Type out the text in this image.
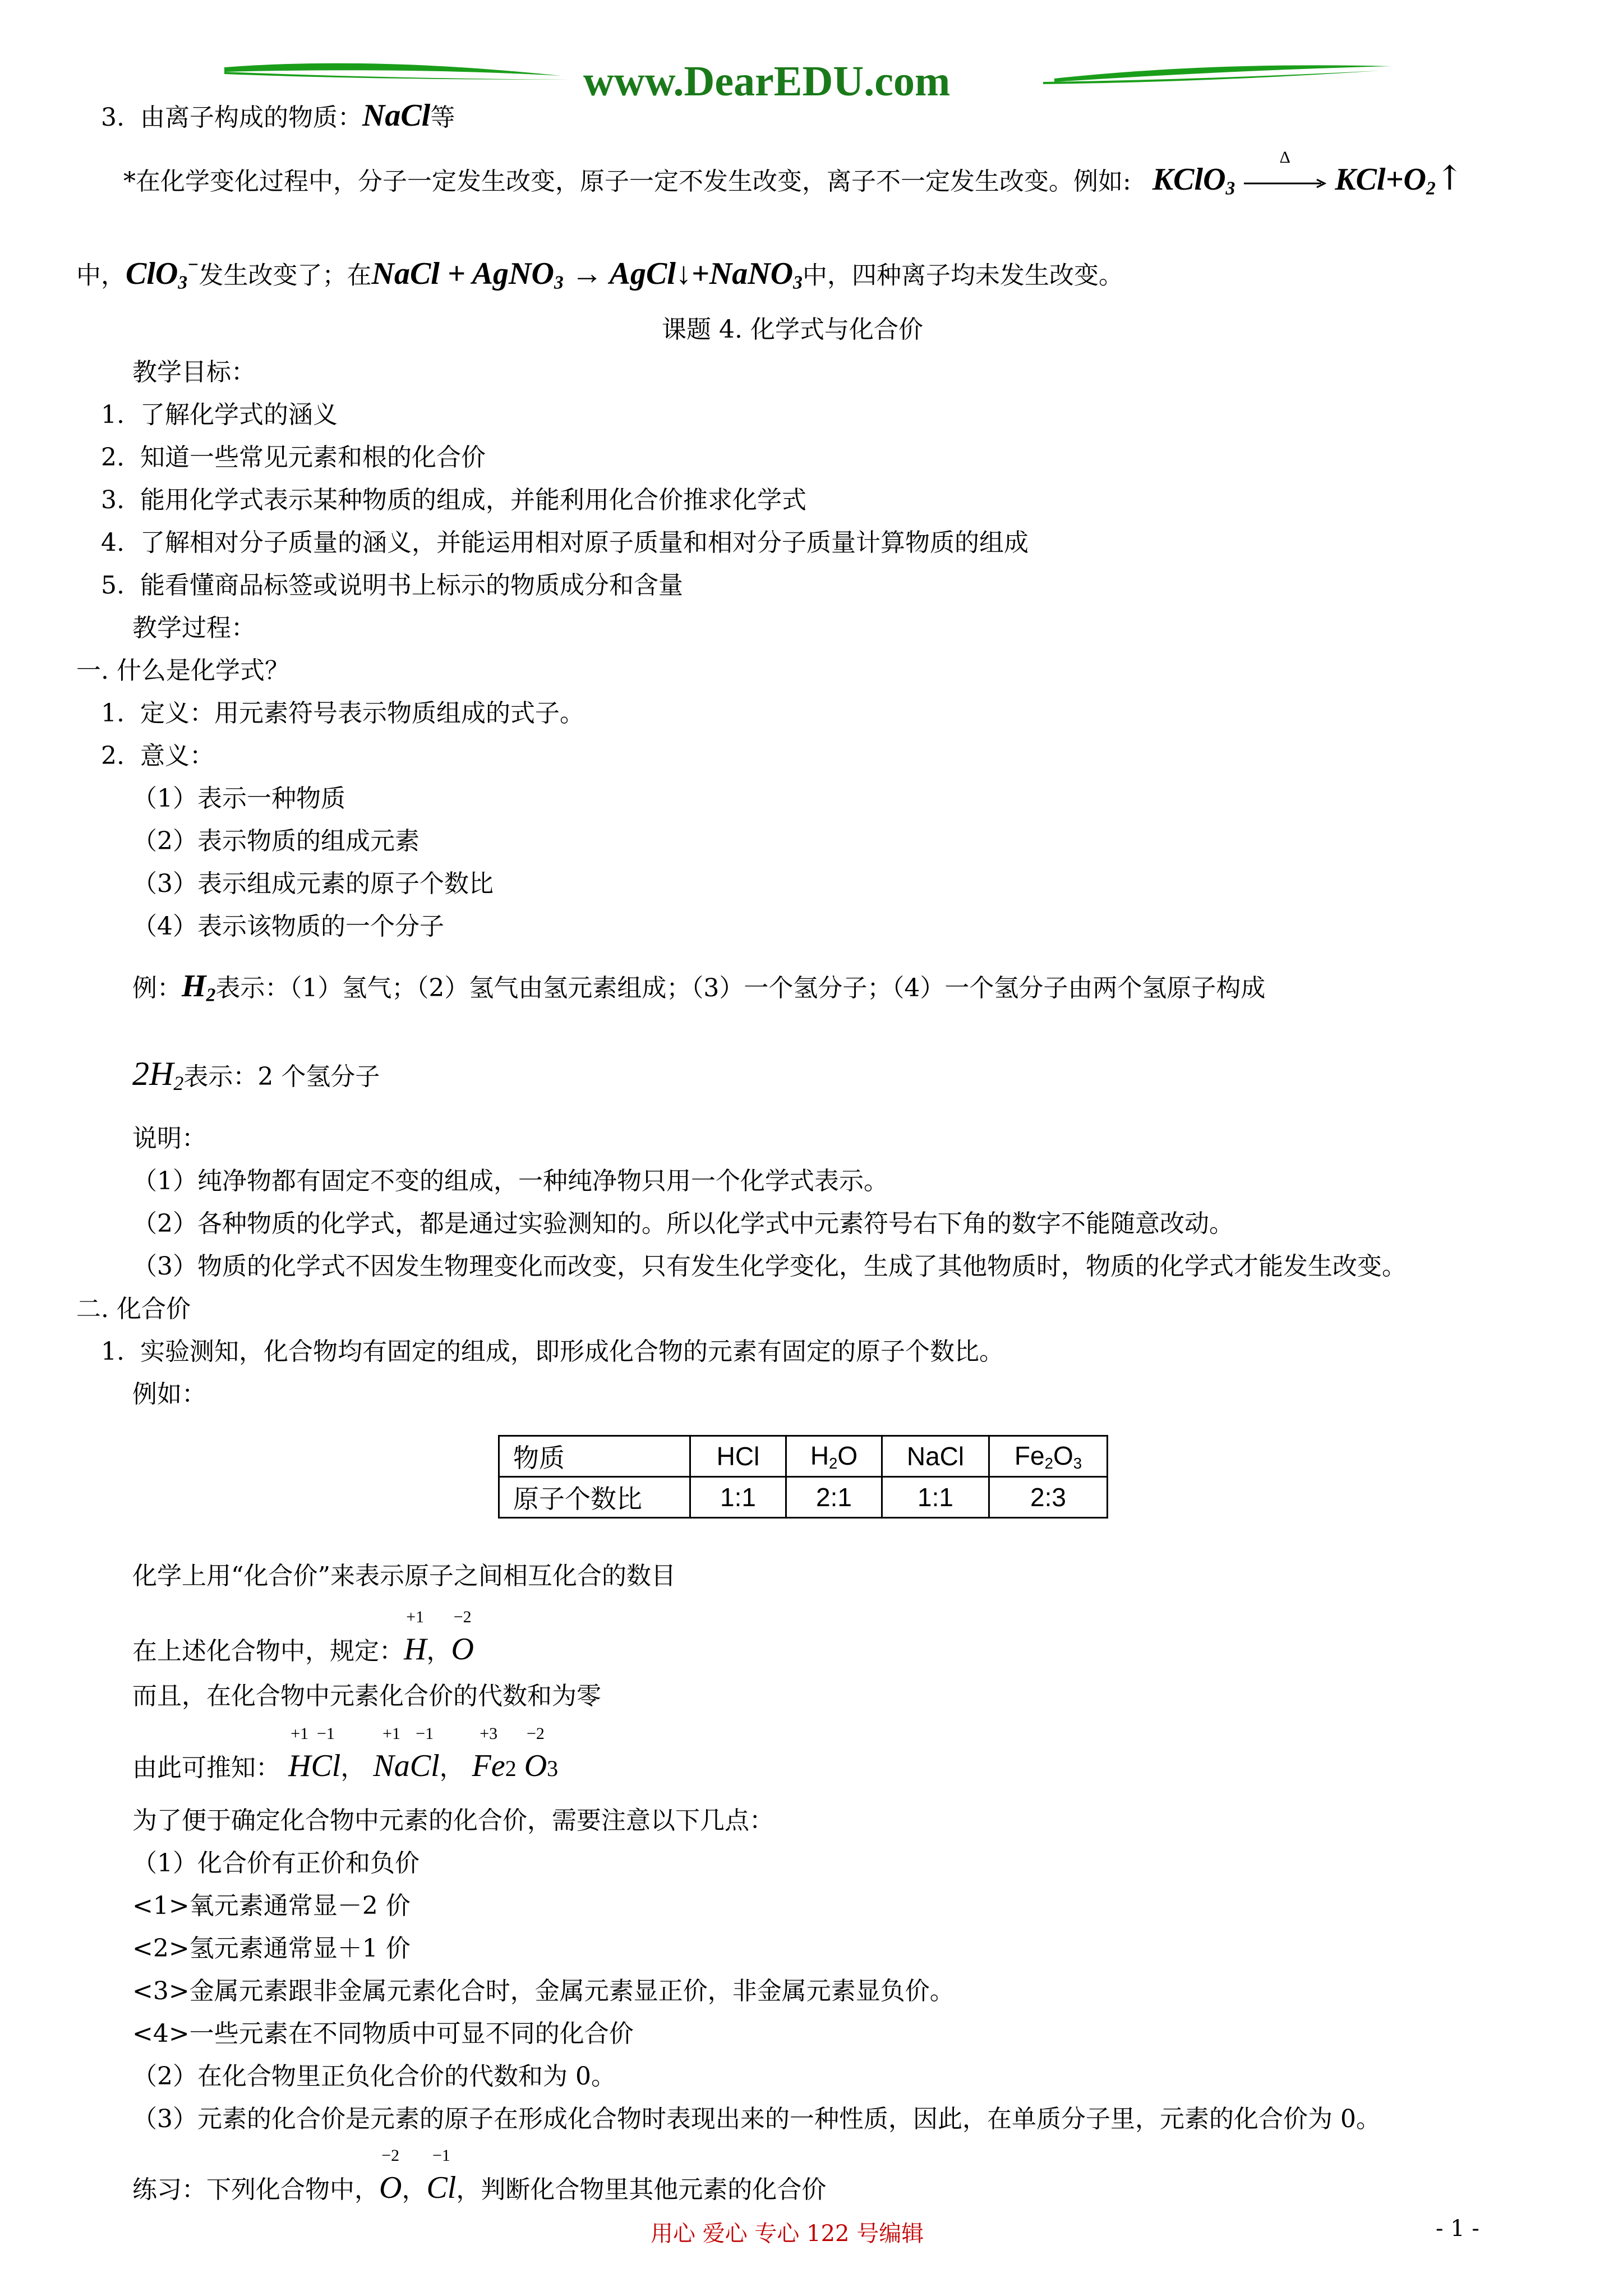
www.DearEDU.com
3. 由离子构成的物质：NaCl等
*在化学变化过程中，分子一定发生改变，原子一定不发生改变，离子不一定发生改变。例如: KClO$_3$
Δ
$KCl+O_2↑$
中，ClO$_3$−发生改变了；在NaCl + AgNO$_3$ → AgCl↓+NaNO$_3$中，四种离子均未发生改变。
课题 4. 化学式与化合价
教学目标：
1. 了解化学式的涵义
2. 知道一些常见元素和根的化合价
3. 能用化学式表示某种物质的组成，并能利用化合价推求化学式
4. 了解相对分子质量的涵义，并能运用相对原子质量和相对分子质量计算物质的组成
5. 能看懂商品标签或说明书上标示的物质成分和含量
教学过程：
一. 什么是化学式？
1. 定义：用元素符号表示物质组成的式子。
2. 意义：
（1）表示一种物质
（2）表示物质的组成元素
（3）表示组成元素的原子个数比
（4）表示该物质的一个分子
例：$H_2$表示：（1）氢气；（2）氢气由氢元素组成；（3）一个氢分子；（4）一个氢分子由两个氢原子构成
$2H_2$表示：2 个氢分子
说明：
（1）纯净物都有固定不变的组成，一种纯净物只用一个化学式表示。
（2）各种物质的化学式，都是通过实验测知的。所以化学式中元素符号右下角的数字不能随意改动。
（3）物质的化学式不因发生物理变化而改变，只有发生化学变化，生成了其他物质时，物质的化学式才能发生改变。
二. 化合价
1. 实验测知，化合物均有固定的组成，即形成化合物的元素有固定的原子个数比。
例如：
物质	HCl	$H_2O$	NaCl	$Fe_2O_3$
原子个数比	1:1	2:1	1:1	2:3
化学上用“化合价”来表示原子之间相互化合的数目
在上述化合物中，规定：
+1
H，
−2
O
而且，在化合物中元素化合价的代数和为零
由此可推知：
+1
H
−1
Cl，
+1
Na
−1
Cl，
+3
Fe2
−2
O3
为了便于确定化合物中元素的化合价，需要注意以下几点：
（1）化合价有正价和负价
<1>氧元素通常显－2 价
<2>氢元素通常显＋1 价
<3>金属元素跟非金属元素化合时，金属元素显正价，非金属元素显负价。
<4>一些元素在不同物质中可显不同的化合价
（2）在化合物里正负化合价的代数和为 0。
（3）元素的化合价是元素的原子在形成化合物时表现出来的一种性质，因此，在单质分子里，元素的化合价为 0。
练习：下列化合物中，
−2
O，
−1
Cl，判断化合物里其他元素的化合价
用心 爱心 专心 122 号编辑	- 1 -
